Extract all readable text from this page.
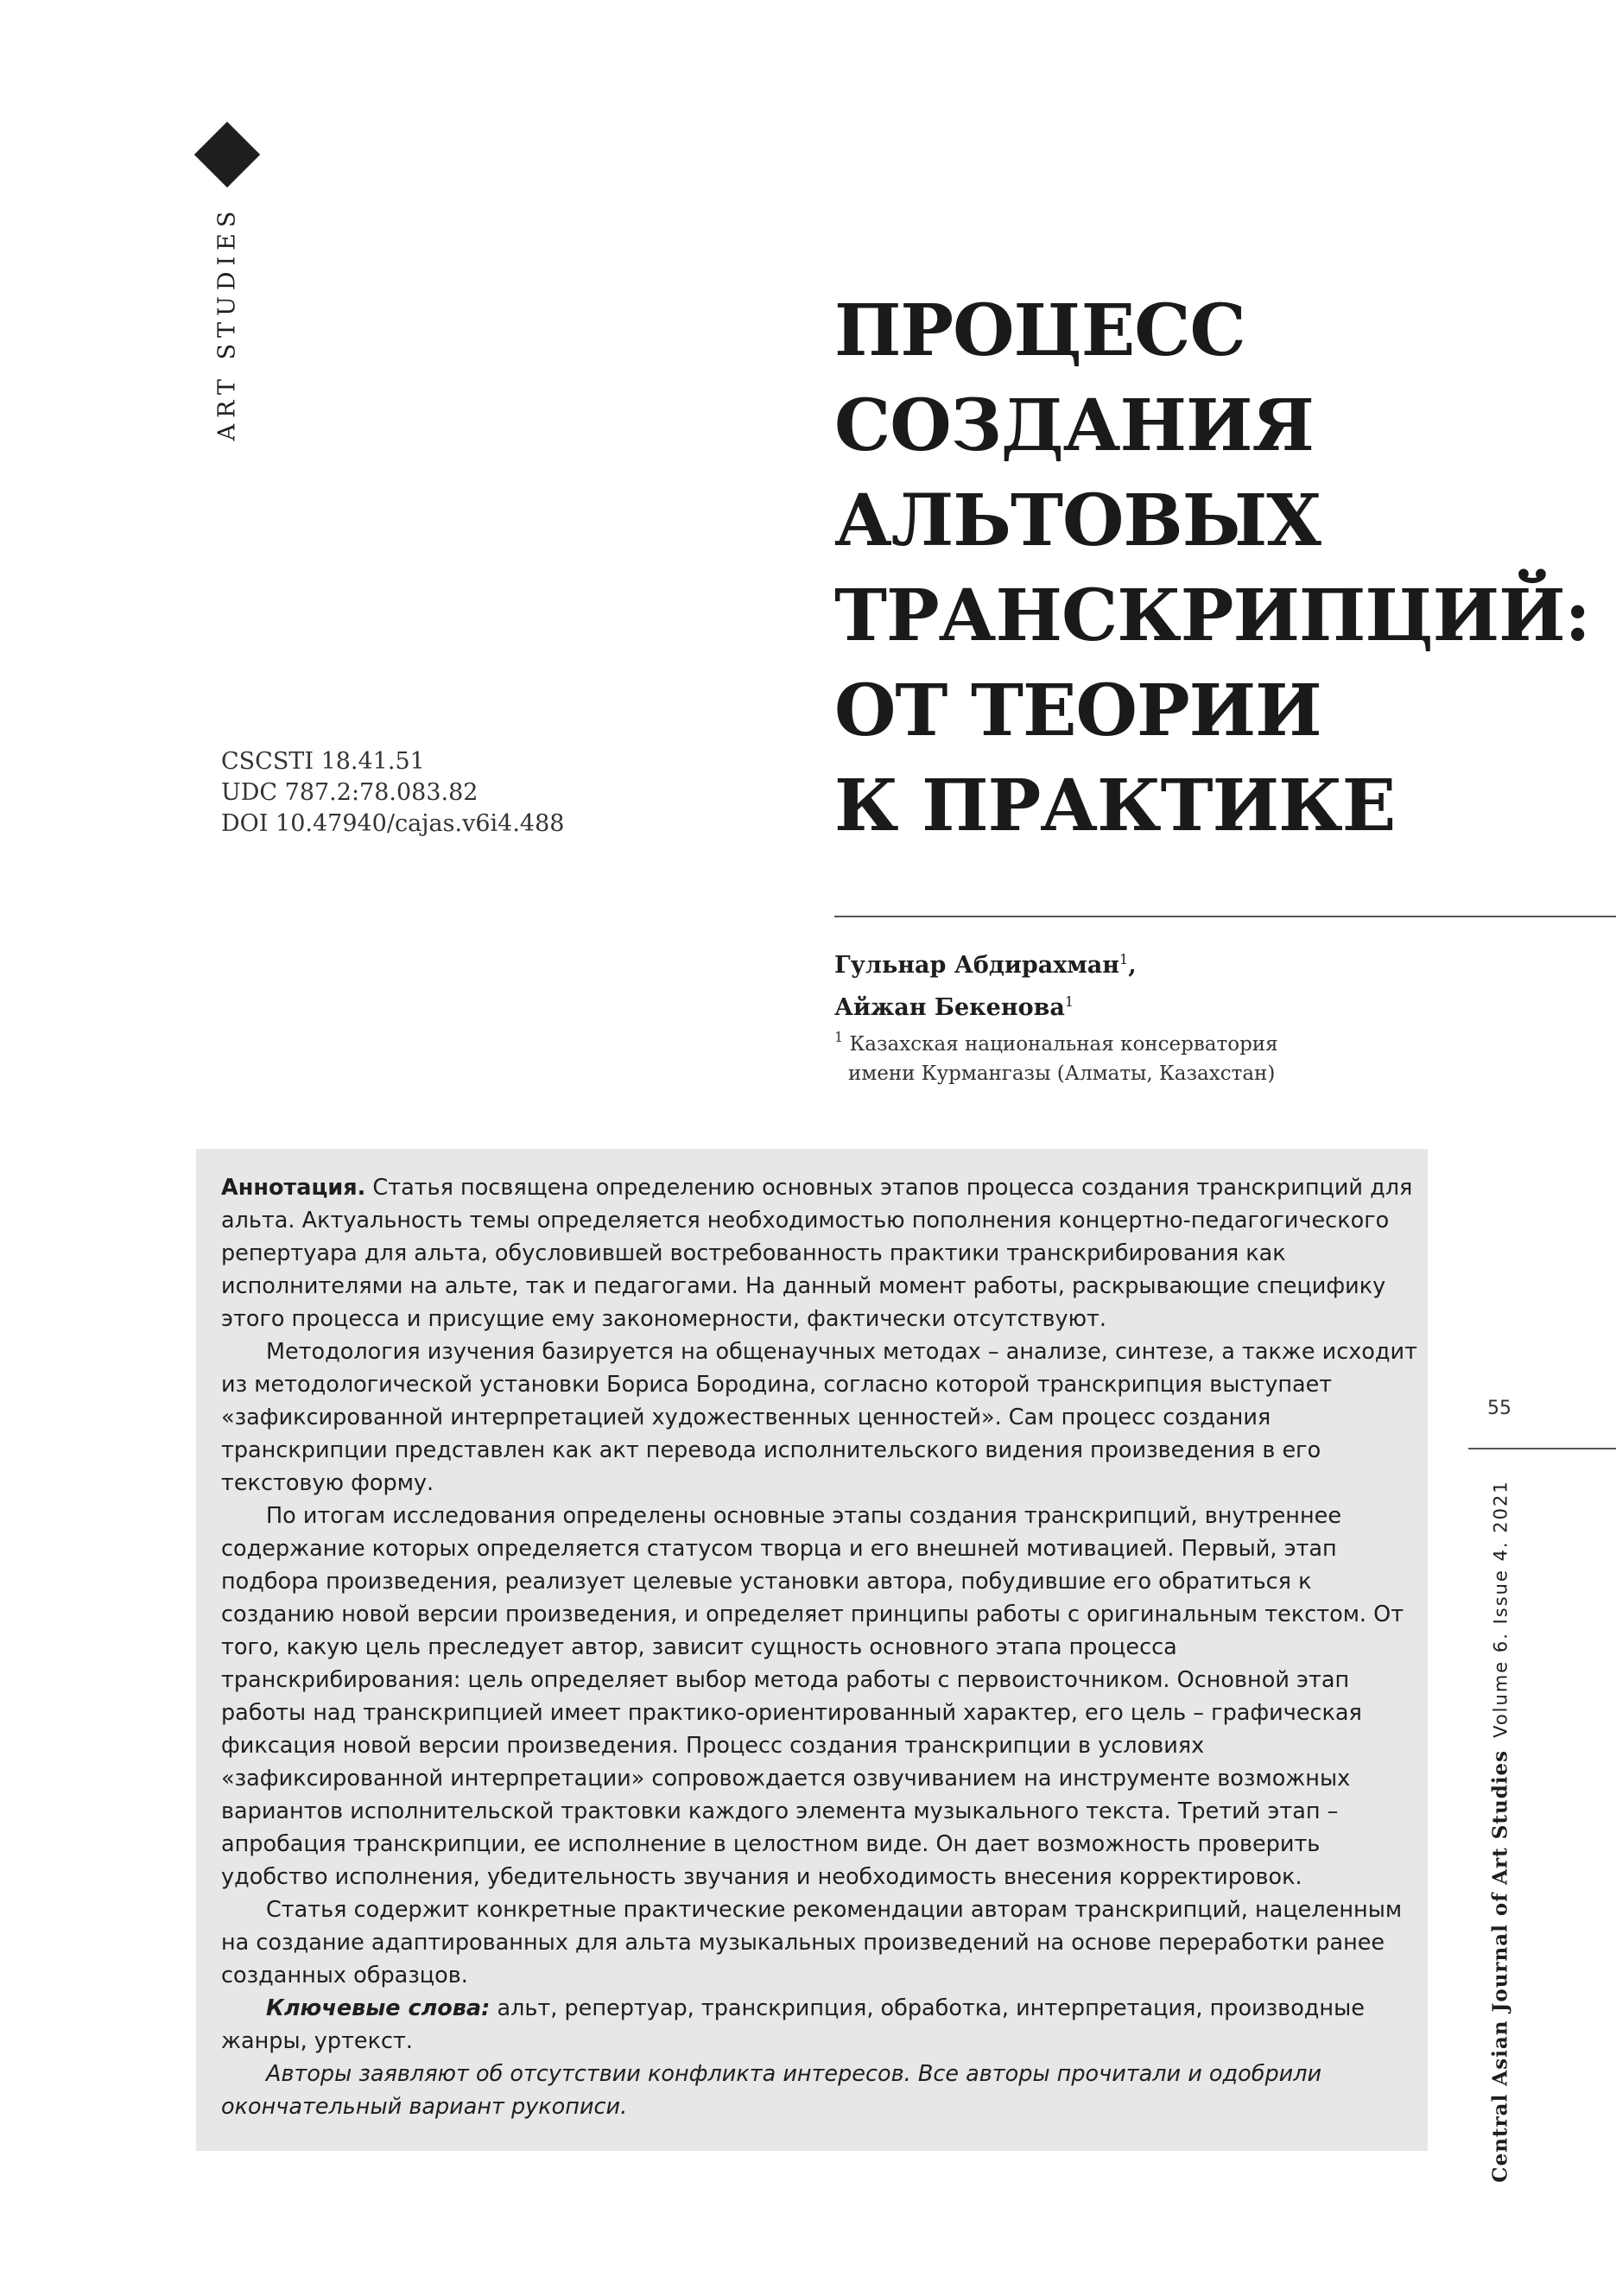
ART STUDIES
CSCSTI 18.41.51
UDC 787.2:78.083.82
DOI 10.47940/cajas.v6i4.488
ПРОЦЕСС
СОЗДАНИЯ
АЛЬТОВЫХ
ТРАНСКРИПЦИЙ:
ОТ ТЕОРИИ
К ПРАКТИКЕ
Гульнар Абдирахман$^1$,
Айжан Бекенова$^1$
$^1$ Казахская национальная консерватория
имени Курмангазы (Алматы, Казахстан)

Аннотация. Статья посвящена определению основных этапов процесса создания транскрипций для альта. Актуальность темы определяется необходимостью пополнения концертно-педагогического репертуара для альта, обусловившей востребованность практики транскрибирования как исполнителями на альте, так и педагогами. На данный момент работы, раскрывающие специфику этого процесса и присущие ему закономерности, фактически отсутствуют.

Методология изучения базируется на общенаучных методах – анализе, синтезе, а также исходит из методологической установки Бориса Бородина, согласно которой транскрипция выступает «зафиксированной интерпретацией художественных ценностей». Сам процесс создания транскрипции представлен как акт перевода исполнительского видения произведения в его текстовую форму.

По итогам исследования определены основные этапы создания транскрипций, внутреннее содержание которых определяется статусом творца и его внешней мотивацией. Первый, этап подбора произведения, реализует целевые установки автора, побудившие его обратиться к созданию новой версии произведения, и определяет принципы работы с оригинальным текстом. От того, какую цель преследует автор, зависит сущность основного этапа процесса транскрибирования: цель определяет выбор метода работы с первоисточником. Основной этап работы над транскрипцией имеет практико-ориентированный характер, его цель – графическая фиксация новой версии произведения. Процесс создания транскрипции в условиях «зафиксированной интерпретации» сопровождается озвучиванием на инструменте возможных вариантов исполнительской трактовки каждого элемента музыкального текста. Третий этап – апробация транскрипции, ее исполнение в целостном виде. Он дает возможность проверить удобство исполнения, убедительность звучания и необходимость внесения корректировок.

Статья содержит конкретные практические рекомендации авторам транскрипций, нацеленным на создание адаптированных для альта музыкальных произведений на основе переработки ранее созданных образцов.

Ключевые слова: альт, репертуар, транскрипция, обработка, интерпретация, производные жанры, уртекст.

Авторы заявляют об отсутствии конфликта интересов. Все авторы прочитали и одобрили окончательный вариант рукописи.

55
Central Asian Journal of Art StudiesVolume 6. Issue 4. 2021
